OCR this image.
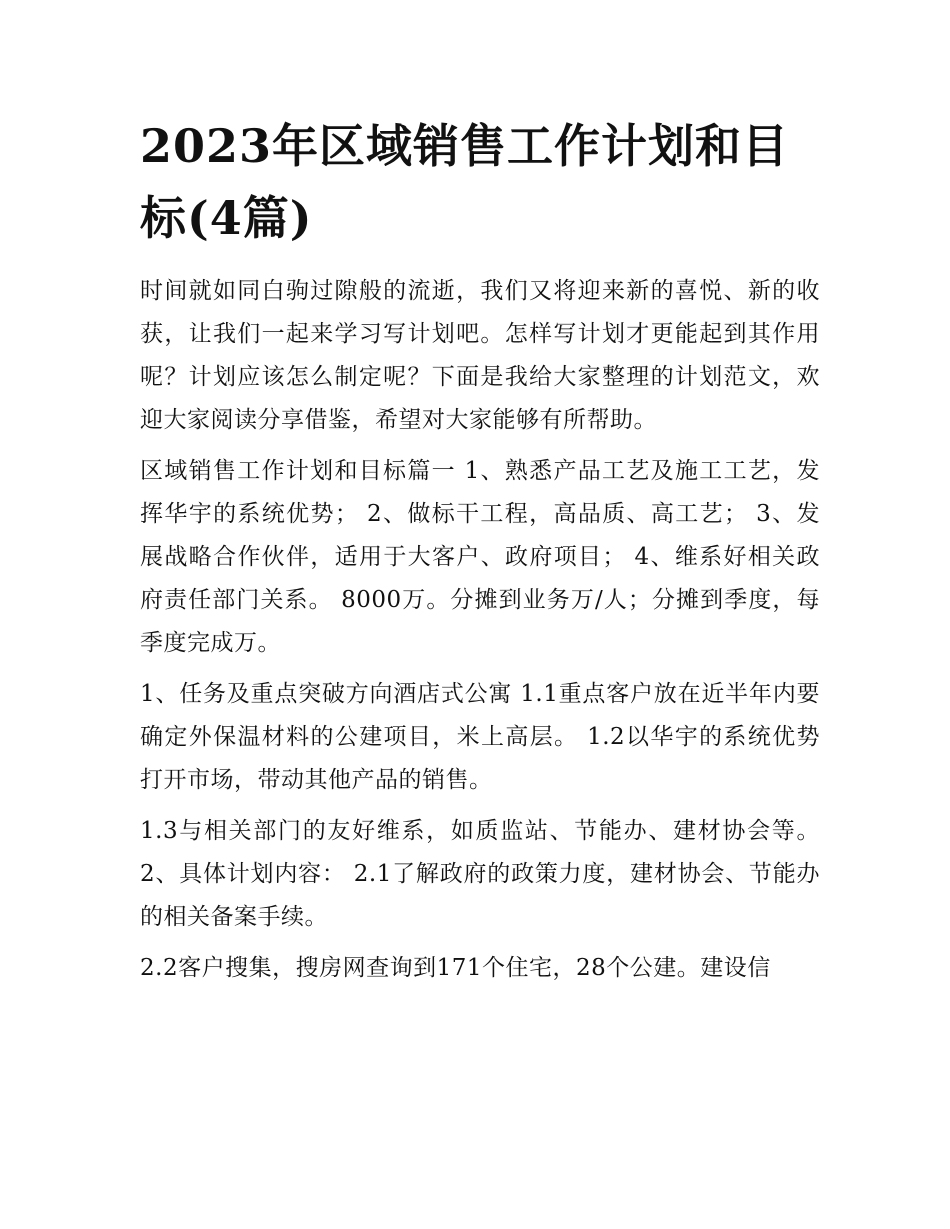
2023年区域销售工作计划和目标(4篇)

时间就如同白驹过隙般的流逝，我们又将迎来新的喜悦、新的收获，让我们一起来学习写计划吧。怎样写计划才更能起到其作用呢？计划应该怎么制定呢？下面是我给大家整理的计划范文，欢迎大家阅读分享借鉴，希望对大家能够有所帮助。

区域销售工作计划和目标篇一 1、熟悉产品工艺及施工工艺，发挥华宇的系统优势； 2、做标干工程，高品质、高工艺； 3、发展战略合作伙伴，适用于大客户、政府项目； 4、维系好相关政府责任部门关系。 8000万。分摊到业务万/人；分摊到季度，每季度完成万。

1、任务及重点突破方向酒店式公寓 1.1重点客户放在近半年内要确定外保温材料的公建项目，米上高层。 1.2以华宇的系统优势打开市场，带动其他产品的销售。

1.3与相关部门的友好维系，如质监站、节能办、建材协会等。 2、具体计划内容： 2.1了解政府的政策力度，建材协会、节能办的相关备案手续。

2.2客户搜集，搜房网查询到171个住宅，28个公建。建设信
